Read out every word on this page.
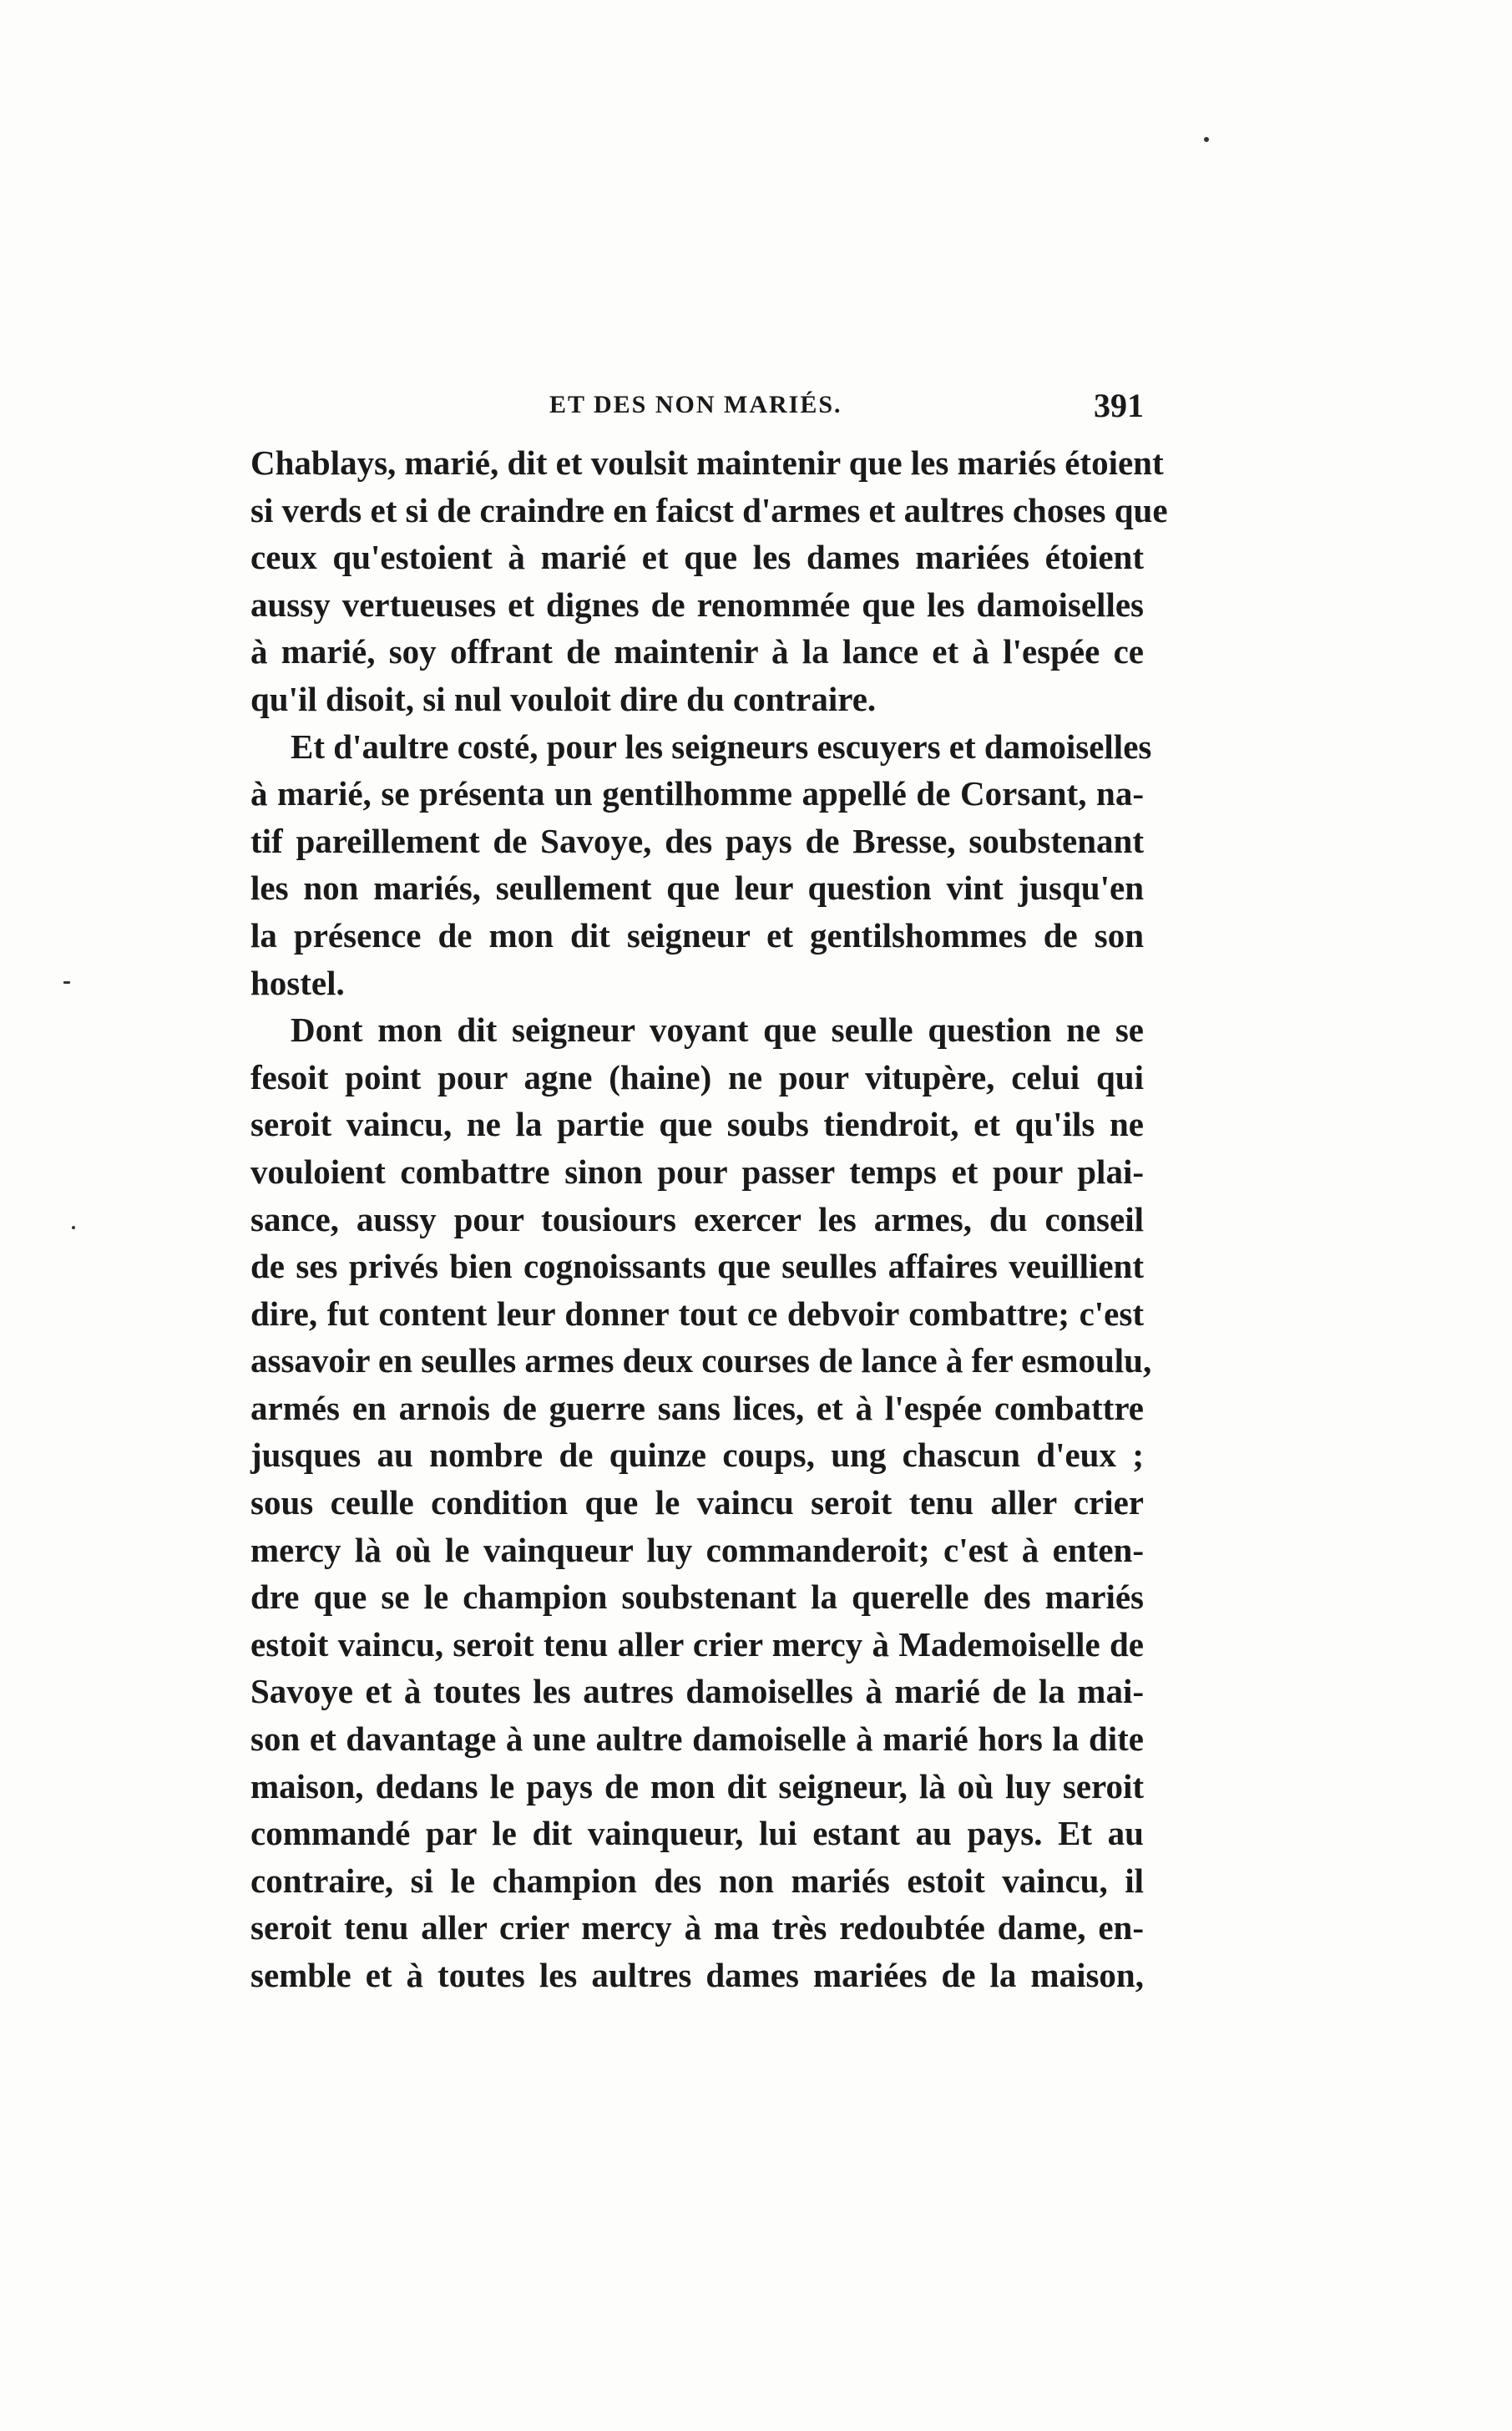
ET DES NON MARIÉS.	391
Chablays, marié, dit et voulsit maintenir que les mariés étoient
si verds et si de craindre en faicst d'armes et aultres choses que
ceux qu'estoient à marié et que les dames mariées étoient
aussy vertueuses et dignes de renommée que les damoiselles
à marié, soy offrant de maintenir à la lance et à l'espée ce
qu'il disoit, si nul vouloit dire du contraire.
Et d'aultre costé, pour les seigneurs escuyers et damoiselles
à marié, se présenta un gentilhomme appellé de Corsant, na-
tif pareillement de Savoye, des pays de Bresse, soubstenant
les non mariés, seullement que leur question vint jusqu'en
la présence de mon dit seigneur et gentilshommes de son
hostel.
Dont mon dit seigneur voyant que seulle question ne se
fesoit point pour agne (haine) ne pour vitupère, celui qui
seroit vaincu, ne la partie que soubs tiendroit, et qu'ils ne
vouloient combattre sinon pour passer temps et pour plai-
sance, aussy pour tousiours exercer les armes, du conseil
de ses privés bien cognoissants que seulles affaires veuillient
dire, fut content leur donner tout ce debvoir combattre; c'est
assavoir en seulles armes deux courses de lance à fer esmoulu,
armés en arnois de guerre sans lices, et à l'espée combattre
jusques au nombre de quinze coups, ung chascun d'eux ;
sous ceulle condition que le vaincu seroit tenu aller crier
mercy là où le vainqueur luy commanderoit; c'est à enten-
dre que se le champion soubstenant la querelle des mariés
estoit vaincu, seroit tenu aller crier mercy à Mademoiselle de
Savoye et à toutes les autres damoiselles à marié de la mai-
son et davantage à une aultre damoiselle à marié hors la dite
maison, dedans le pays de mon dit seigneur, là où luy seroit
commandé par le dit vainqueur, lui estant au pays. Et au
contraire, si le champion des non mariés estoit vaincu, il
seroit tenu aller crier mercy à ma très redoubtée dame, en-
semble et à toutes les aultres dames mariées de la maison,
